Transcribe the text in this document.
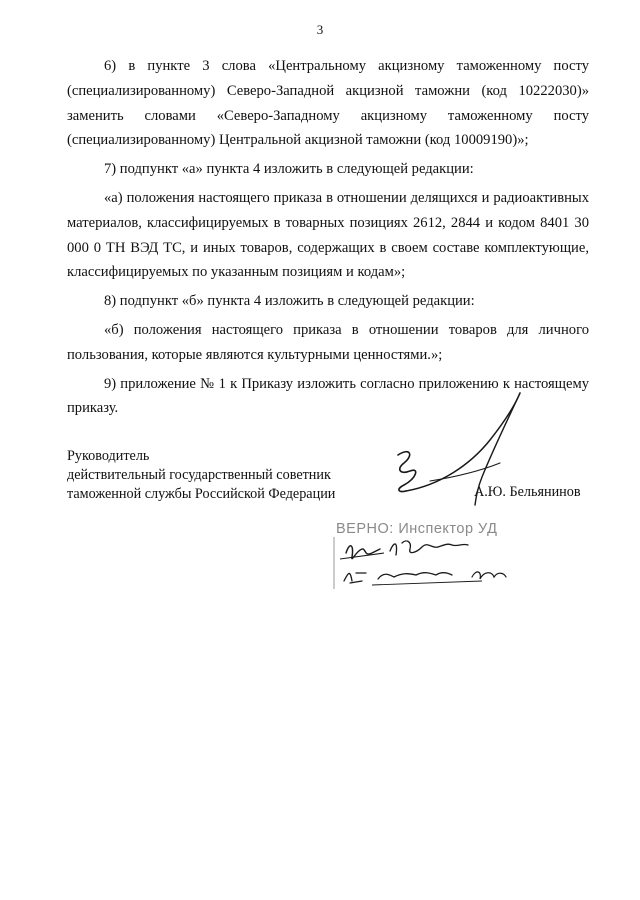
3

6) в пункте 3 слова «Центральному акцизному таможенному посту (специализированному) Северо-Западной акцизной таможни (код 10222030)» заменить словами «Северо-Западному акцизному таможенному посту (специализированному) Центральной акцизной таможни (код 10009190)»;

7) подпункт «а» пункта 4 изложить в следующей редакции:

«а) положения настоящего приказа в отношении делящихся и радиоактивных материалов, классифицируемых в товарных позициях 2612, 2844 и кодом 8401 30 000 0 ТН ВЭД ТС, и иных товаров, содержащих в своем составе комплектующие, классифицируемых по указанным позициям и кодам»;

8) подпункт «б» пункта 4 изложить в следующей редакции:

«б) положения настоящего приказа в отношении товаров для личного пользования, которые являются культурными ценностями.»;

9) приложение № 1 к Приказу изложить согласно приложению к настоящему приказу.

Руководитель
действительный государственный советник
таможенной службы Российской Федерации	А.Ю. Бельянинов
ВЕРНО: Инспектор УД
